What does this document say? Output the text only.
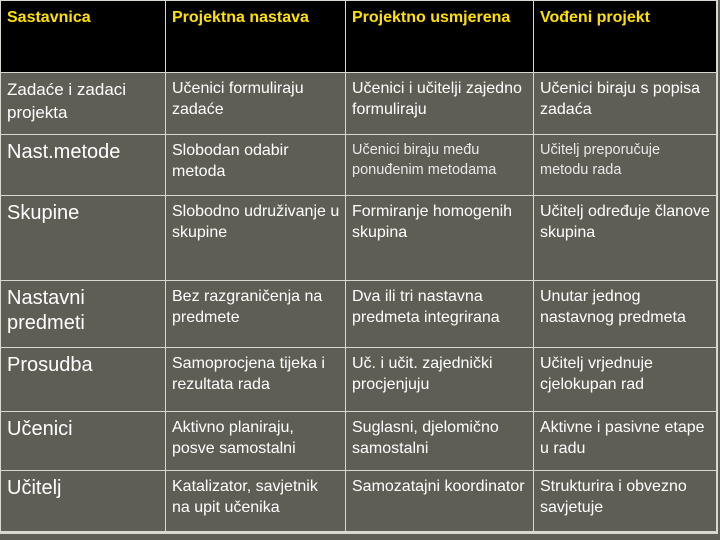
Sastavnica	Projektna nastava	Projektno usmjerena	Vođeni projekt
Zadaće i zadaci projekta	Učenici formuliraju zadaće	Učenici i učitelji zajedno formuliraju	Učenici biraju s popisa zadaća
Nast.metode	Slobodan odabir metoda	Učenici biraju među ponuđenim metodama	Učitelj preporučuje metodu rada
Skupine	Slobodno udruživanje u skupine	Formiranje homogenih skupina	Učitelj određuje članove skupina
Nastavni predmeti	Bez razgraničenja na predmete	Dva ili tri nastavna predmeta integrirana	Unutar jednog nastavnog predmeta
Prosudba	Samoprocjena tijeka i rezultata rada	Uč. i učit. zajednički procjenjuju	Učitelj vrjednuje cjelokupan rad
Učenici	Aktivno planiraju, posve samostalni	Suglasni, djelomično samostalni	Aktivne i pasivne etape u radu
Učitelj	Katalizator, savjetnik na upit učenika	Samozatajni koordinator	Strukturira i obvezno savjetuje
